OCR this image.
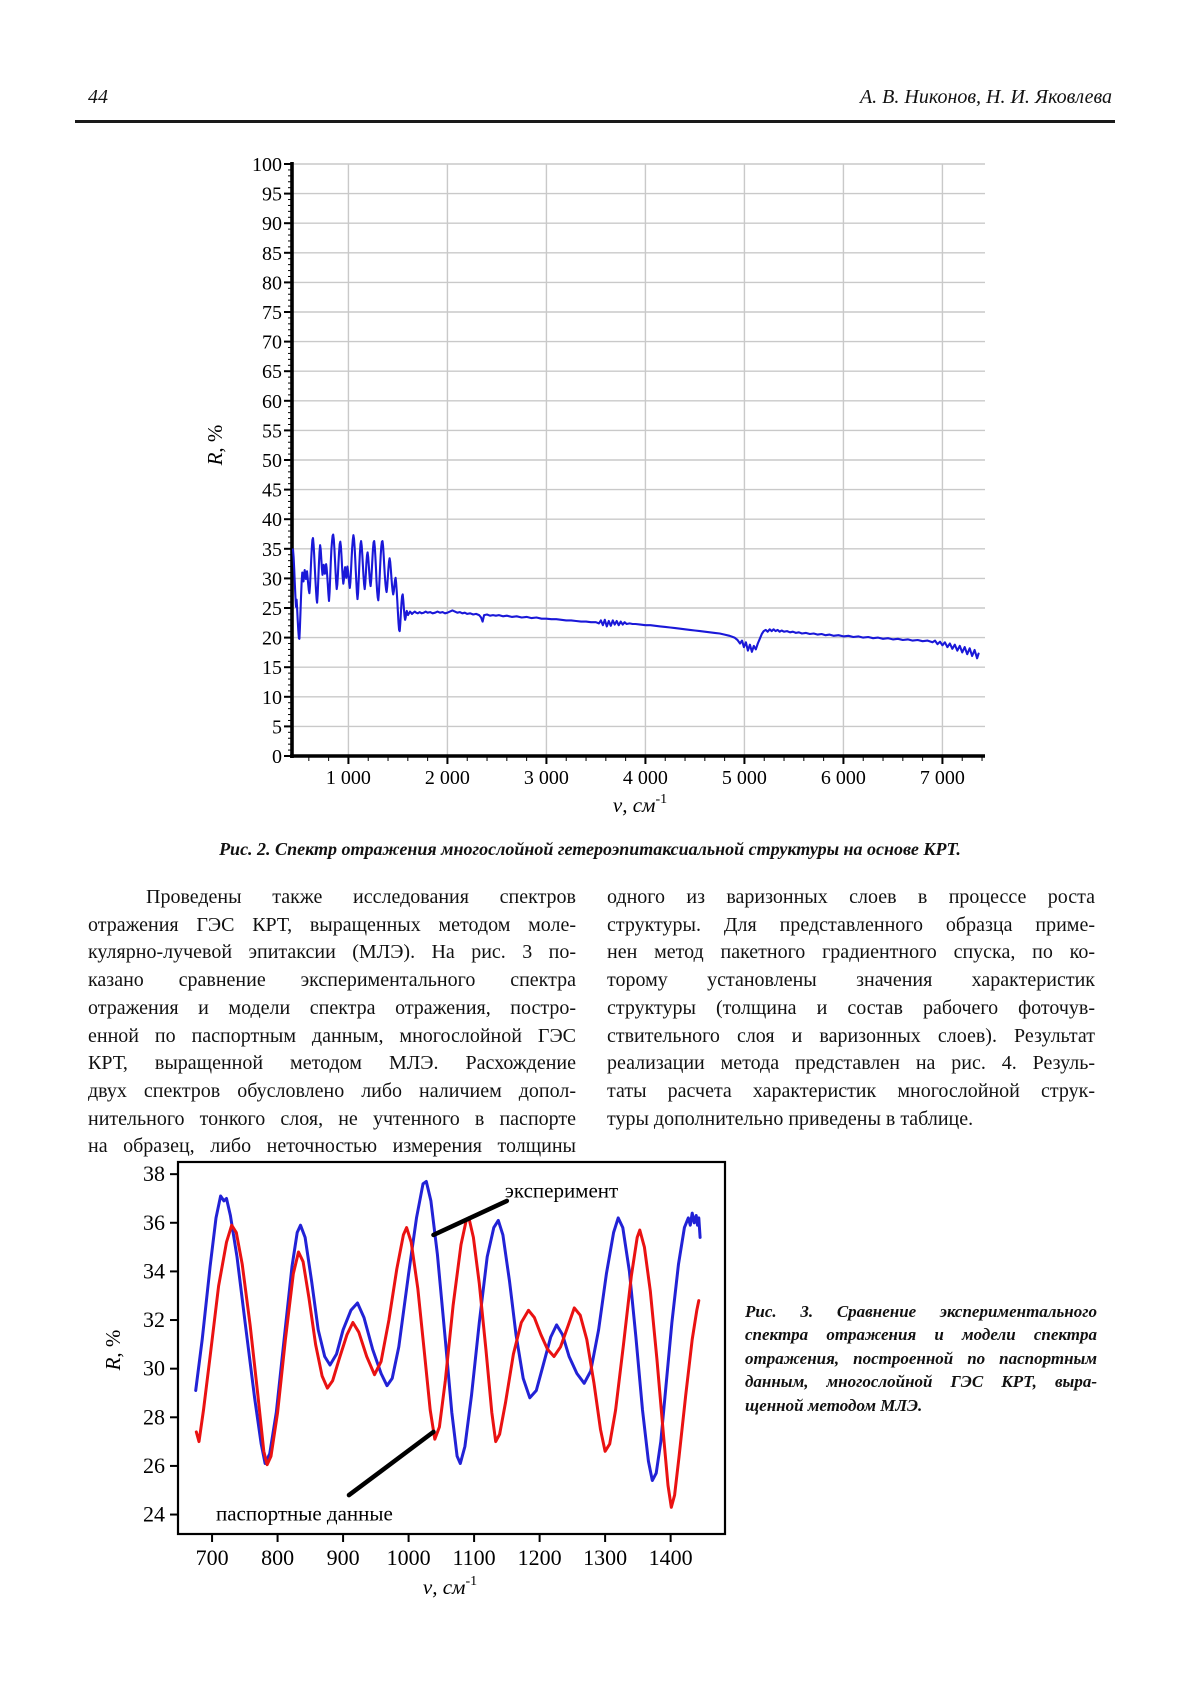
44	А. В. Никонов, Н. И. Яковлева
0
5
10
15
20
25
30
35
40
45
50
55
60
65
70
75
80
85
90
95
100
1 000	2 000	3 000	4 000	5 000	6 000	7 000
R, %
ν, $см^{-1}$
Рис. 2. Спектр отражения многослойной гетероэпитаксиальной структуры на основе КРТ.
Проведены также исследования спектров
отражения ГЭС КРТ, выращенных методом моле-
кулярно-лучевой эпитаксии (МЛЭ). На рис. 3 по-
казано сравнение экспериментального спектра
отражения и модели спектра отражения, постро-
енной по паспортным данным, многослойной ГЭС
КРТ, выращенной методом МЛЭ. Расхождение
двух спектров обусловлено либо наличием допол-
нительного тонкого слоя, не учтенного в паспорте
на образец, либо неточностью измерения толщины
одного из варизонных слоев в процессе роста
структуры. Для представленного образца приме-
нен метод пакетного градиентного спуска, по ко-
торому установлены значения характеристик
структуры (толщина и состав рабочего фоточув-
ствительного слоя и варизонных слоев). Результат
реализации метода представлен на рис. 4. Резуль-
таты расчета характеристик многослойной струк-
туры дополнительно приведены в таблице.
24
26
28
30
32
34
36
38
700 800 900 1000 1100 1200 1300 1400
эксперимент
паспортные данные
R, %
ν, $см^{-1}$
Рис. 3. Сравнение экспериментального
спектра отражения и модели спектра
отражения, построенной по паспортным
данным, многослойной ГЭС КРТ, выра-
щенной методом МЛЭ.
